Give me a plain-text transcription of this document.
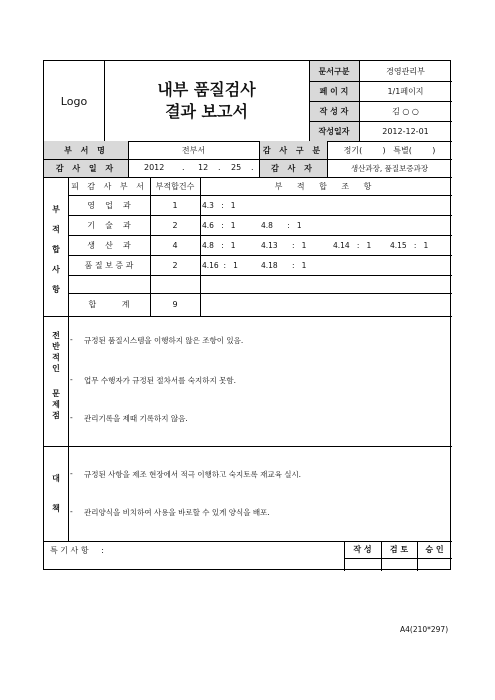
Logo
내부 품질검사
결과 보고서
문서구분	경영관리부
페 이 지	1/1페이지
작 성 자	김 ○ ○
작성일자	2012-12-01
부 서 명	전부서	감 사 구 분	정기(        )   특별(        )
감 사 일 자	2012 . 12 . 25 .	감 사 자	생산과장, 품질보증과장
부
적
합
사
항
피 감 사 부 서	부적합건수	부 적 합 조 항
영    업    과	1	4.3   :   1
기    술    과	2	4.6   :   1	4.8      :   1
생    산    과	4	4.8   :   1	4.13      :   1	4.14   :   1	4.15   :   1
품 질 보 증 과	2	4.16  :   1	4.18      :   1
합          계	9
전
반
적
인
문
제
점
- 규정된 품질시스템을 이행하지 않은 조항이 있음.
- 업무 수행자가 규정된 절차서를 숙지하지 못함.
- 관리기록을 제때 기록하지 않음.
대
책
- 규정된 사항을 제조 현장에서 적극 이행하고 숙지토록 재교육 실시.
- 관리양식을 비치하여 사용을 바로할 수 있게 양식을 배포.
특 기 사 항     :	작 성	검 토	승 인
A4(210*297)
